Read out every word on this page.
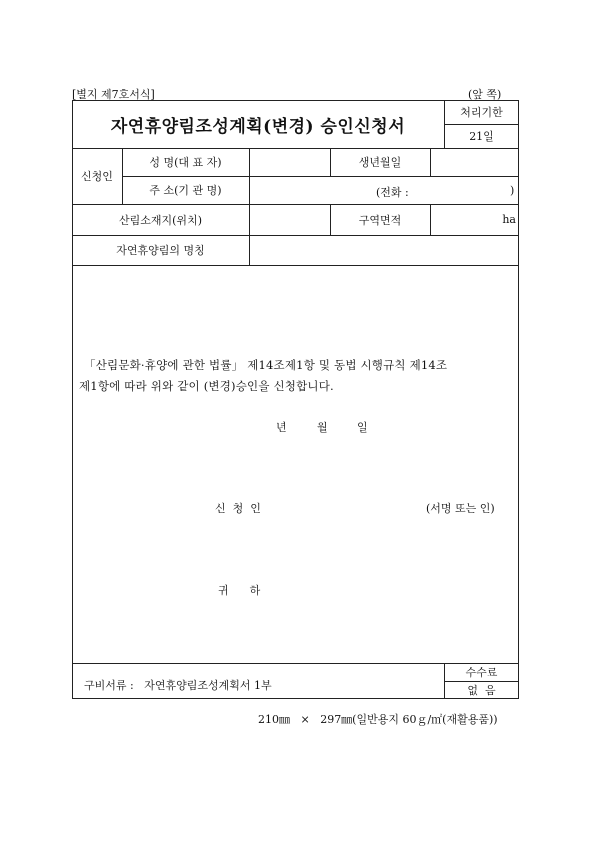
[별지 제7호서식]	(앞 쪽)
자연휴양림조성계획(변경) 승인신청서
처리기한
21일
신청인
성 명(대 표 자)	생년월일
주 소(기 관 명)	(전화 :	)
산림소재지(위치)	구역면적	ha
자연휴양림의 명칭
「산림문화·휴양에 관한 법률」 제14조제1항 및 동법 시행규칙 제14조
제1항에 따라 위와 같이 (변경)승인을 신청합니다.
년	월	일
신  청  인	(서명 또는 인)
귀      하
구비서류 :   자연휴양림조성계획서 1부
수수료
없  음
210㎜   ×   297㎜(일반용지 60ｇ/㎡(재활용품))
